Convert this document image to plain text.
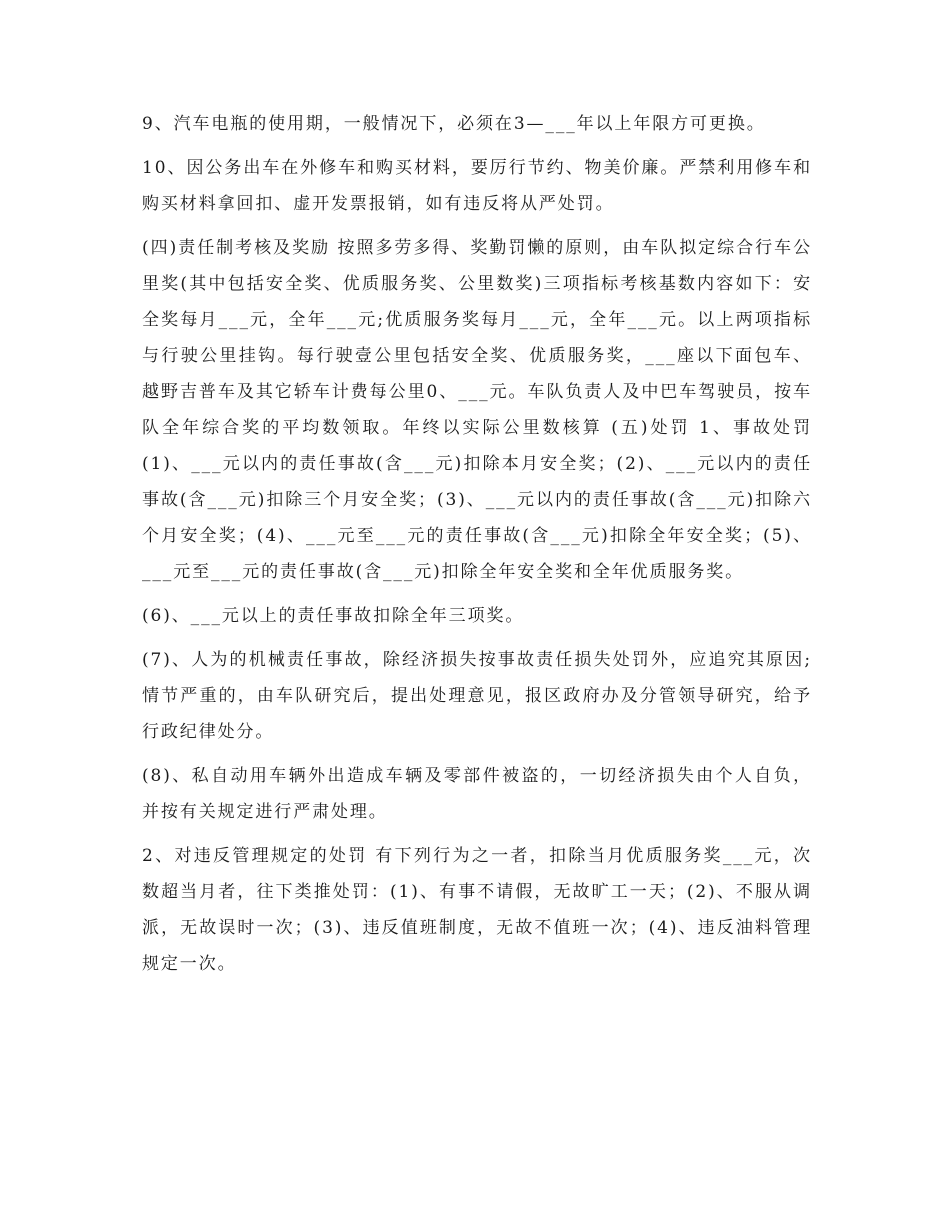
9、汽车电瓶的使用期，一般情况下，必须在3—___年以上年限方可更换。

10、因公务出车在外修车和购买材料，要厉行节约、物美价廉。严禁利用修车和购买材料拿回扣、虚开发票报销，如有违反将从严处罚。

(四)责任制考核及奖励 按照多劳多得、奖勤罚懒的原则，由车队拟定综合行车公里奖(其中包括安全奖、优质服务奖、公里数奖)三项指标考核基数内容如下：安全奖每月___元，全年___元;优质服务奖每月___元，全年___元。以上两项指标与行驶公里挂钩。每行驶壹公里包括安全奖、优质服务奖，___座以下面包车、越野吉普车及其它轿车计费每公里0、___元。车队负责人及中巴车驾驶员，按车队全年综合奖的平均数领取。年终以实际公里数核算 (五)处罚 1、事故处罚 (1)、___元以内的责任事故(含___元)扣除本月安全奖；(2)、___元以内的责任事故(含___元)扣除三个月安全奖；(3)、___元以内的责任事故(含___元)扣除六个月安全奖；(4)、___元至___元的责任事故(含___元)扣除全年安全奖；(5)、___元至___元的责任事故(含___元)扣除全年安全奖和全年优质服务奖。

(6)、___元以上的责任事故扣除全年三项奖。

(7)、人为的机械责任事故，除经济损失按事故责任损失处罚外，应追究其原因;情节严重的，由车队研究后，提出处理意见，报区政府办及分管领导研究，给予行政纪律处分。

(8)、私自动用车辆外出造成车辆及零部件被盗的，一切经济损失由个人自负，并按有关规定进行严肃处理。

2、对违反管理规定的处罚 有下列行为之一者，扣除当月优质服务奖___元，次数超当月者，往下类推处罚：(1)、有事不请假，无故旷工一天；(2)、不服从调派，无故误时一次；(3)、违反值班制度，无故不值班一次；(4)、违反油料管理规定一次。
